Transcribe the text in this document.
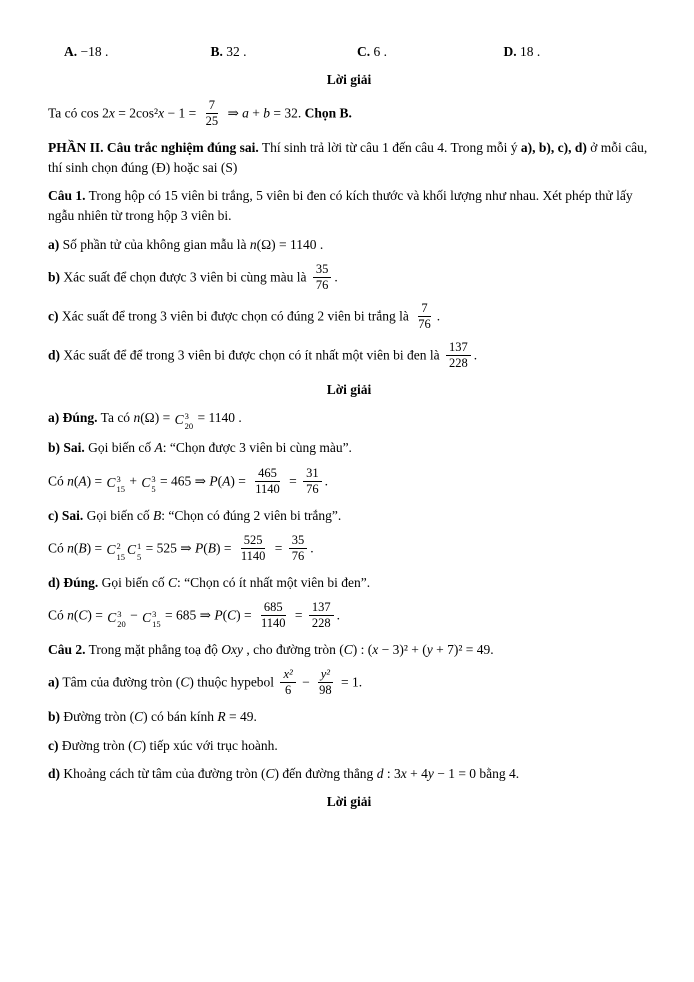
A. −18 .	B. 32 .	C. 6 .	D. 18 .
Lời giải
Ta có $\cos 2x = 2\cos^2x - 1 = \frac{7}{25}$ ⇒ a + b = 32. Chọn B.
PHẦN II. Câu trắc nghiệm đúng sai. Thí sinh trả lời từ câu 1 đến câu 4. Trong mỗi ý a), b), c), d) ở mỗi câu, thí sinh chọn đúng (Đ) hoặc sai (S)
Câu 1. Trong hộp có 15 viên bi trắng, 5 viên bi đen có kích thước và khối lượng như nhau. Xét phép thử lấy ngẫu nhiên từ trong hộp 3 viên bi.
a) Số phần tử của không gian mẫu là n(Ω) = 1140 .
b) Xác suất để chọn được 3 viên bi cùng màu là $\frac{35}{76}$ .
c) Xác suất để trong 3 viên bi được chọn có đúng 2 viên bi trắng là $\frac{7}{76}$ .
d) Xác suất để để trong 3 viên bi được chọn có ít nhất một viên bi đen là $\frac{137}{228}$ .
Lời giải
a) Đúng. Ta có n(Ω) = C 3
20
= 1140 .
b) Sai. Gọi biến cố A: “Chọn được 3 viên bi cùng màu”.
Có n(A) = C 3
15
+ C 3
5
= 465 ⇒ $P(A) = \frac{465}{1140} = \frac{31}{76}$ .
c) Sai. Gọi biến cố B: “Chọn có đúng 2 viên bi trắng”.
Có n(B) = C 2
15 C 1
5
= 525 ⇒ $P(B) = \frac{525}{1140} = \frac{35}{76}$ .
d) Đúng. Gọi biến cố C: “Chọn có ít nhất một viên bi đen”.
Có n(C) = C 3
20
− C 3
15
= 685 ⇒ $P(C) = \frac{685}{1140} = \frac{137}{228}$ .
Câu 2. Trong mặt phẳng toạ độ Oxy , cho đường tròn (C) : (x − 3)² + (y + 7)² = 49.
a) Tâm của đường tròn (C) thuộc hypebol $\frac{\text{x²}}{6} - \frac{\text{y²}}{98} = 1$.
b) Đường tròn (C) có bán kính R = 49.
c) Đường tròn (C) tiếp xúc với trục hoành.
d) Khoảng cách từ tâm của đường tròn (C) đến đường thẳng d : 3x + 4y − 1 = 0 bằng 4.
Lời giải
